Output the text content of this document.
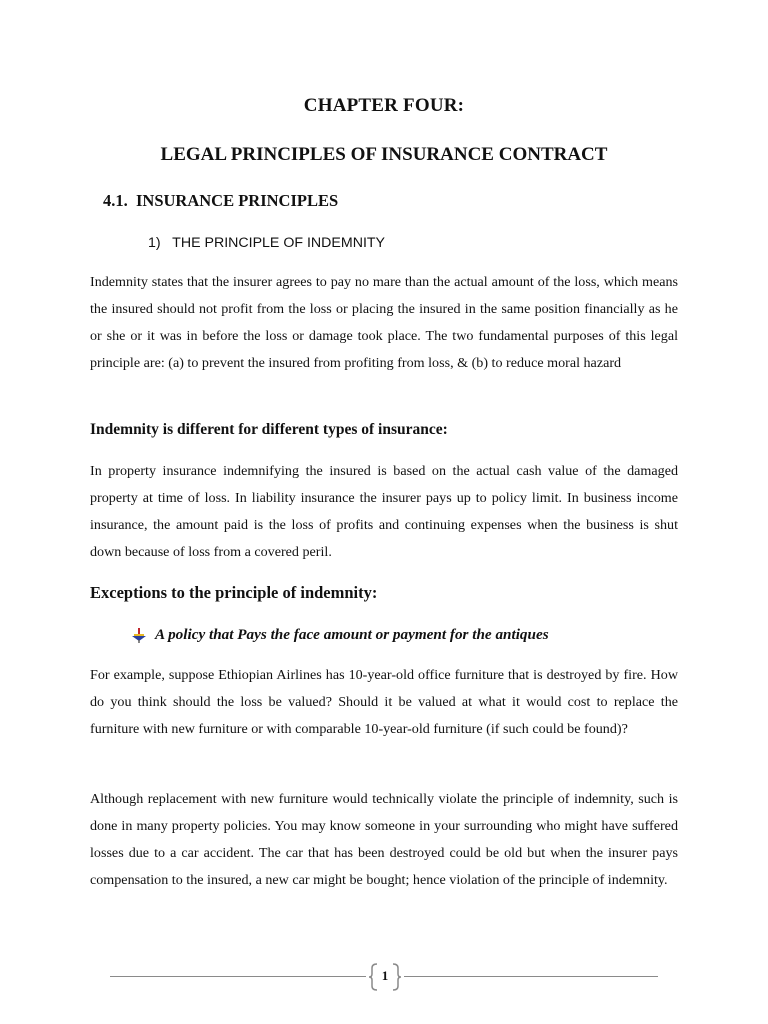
CHAPTER FOUR:
LEGAL PRINCIPLES OF INSURANCE CONTRACT
4.1.  INSURANCE PRINCIPLES
1)   THE PRINCIPLE OF INDEMNITY

Indemnity states that the insurer agrees to pay no mare than the actual amount of the loss, which means the insured should not profit from the loss or placing the insured in the same position financially as he or she or it was in before the loss or damage took place. The two fundamental purposes of this legal principle are: (a) to prevent the insured from profiting from loss, & (b) to reduce moral hazard

Indemnity is different for different types of insurance:

In property insurance indemnifying the insured is based on the actual cash value of the damaged property at time of loss. In liability insurance the insurer pays up to policy limit. In business income insurance, the amount paid is the loss of profits and continuing expenses when the business is shut down because of loss from a covered peril.

Exceptions to the principle of indemnity:
A policy that Pays the face amount or payment for the antiques

For example, suppose Ethiopian Airlines has 10-year-old office furniture that is destroyed by fire. How do you think should the loss be valued? Should it be valued at what it would cost to replace the furniture with new furniture or with comparable 10-year-old furniture (if such could be found)?

Although replacement with new furniture would technically violate the principle of indemnity, such is done in many property policies. You may know someone in your surrounding who might have suffered losses due to a car accident. The car that has been destroyed could be old but when the insurer pays compensation to the insured, a new car might be bought; hence violation of the principle of indemnity.

1
